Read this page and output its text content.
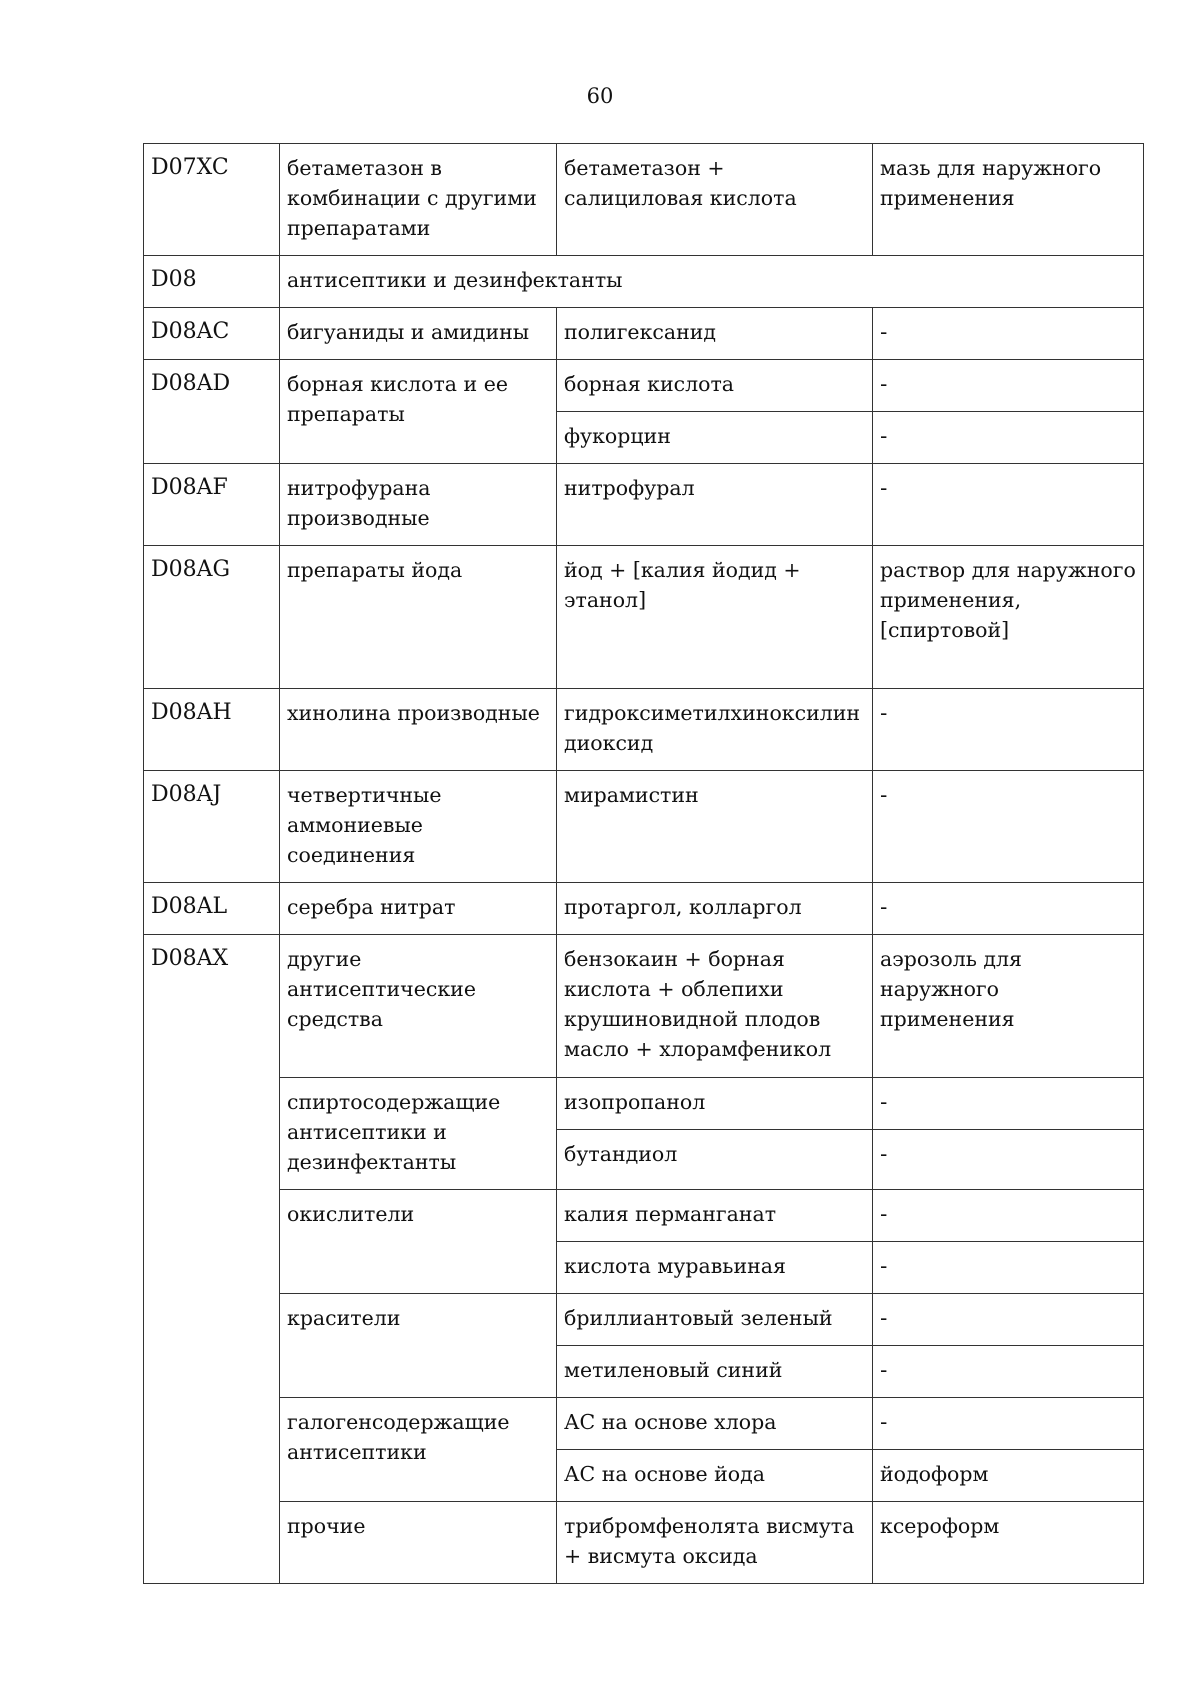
60
D07XC	бетаметазон в комбинации с другими препаратами	бетаметазон + салициловая кислота	мазь для наружного применения
D08	антисептики и дезинфектанты		
D08AC	бигуаниды и амидины	полигексанид	-
D08AD	борная кислота и ее препараты	борная кислота	-
		фукорцин	-
D08AF	нитрофурана производные	нитрофурал	-
D08AG	препараты йода	йод + [калия йодид + этанол]	раствор для наружного применения, [спиртовой]
D08AH	хинолина производные	гидроксиметилхиноксилиндиоксид	-
D08AJ	четвертичные аммониевые соединения	мирамистин	-
D08AL	серебра нитрат	протаргол, колларгол	-
D08AX	другие антисептические средства	бензокаин + борная кислота + облепихи крушиновидной плодов масло + хлорамфеникол	аэрозоль для наружного применения
	спиртосодержащие антисептики и дезинфектанты	изопропанол	-
		бутандиол	-
	окислители	калия перманганат	-
		кислота муравьиная	-
	красители	бриллиантовый зеленый	-
		метиленовый синий	-
	галогенсодержащие антисептики	АС на основе хлора	-
		АС на основе йода	йодоформ
	прочие	трибромфенолята висмута + висмута оксида	ксероформ
